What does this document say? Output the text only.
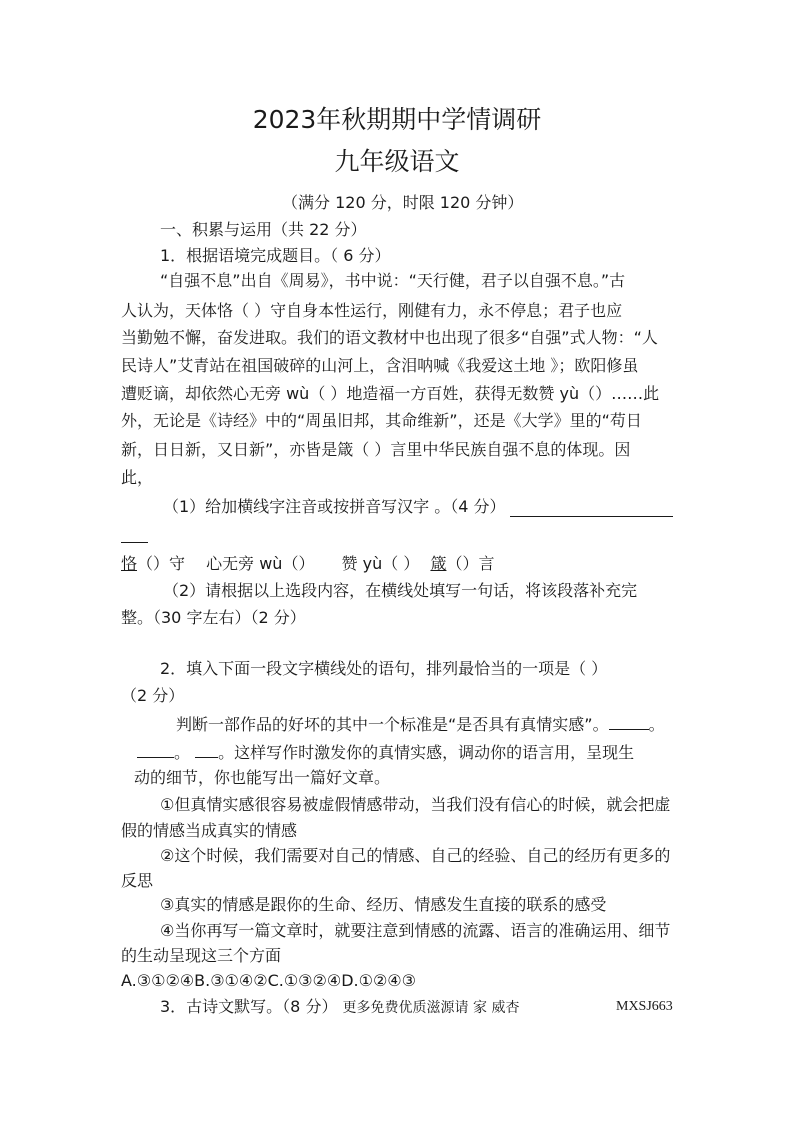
2023年秋期期中学情调研
九年级语文
（满分 120 分，时限 120 分钟）
一、积累与运用（共 22 分）
1．根据语境完成题目。（ 6 分）
“自强不息”出自《周易》，书中说：“天行健，君子以自强不息。”古
人认为，天体恪（ ）守自身本性运行，刚健有力，永不停息；君子也应
当勤勉不懈，奋发进取。我们的语文教材中也出现了很多“自强”式人物：“人
民诗人”艾青站在祖国破碎的山河上，含泪呐喊《我爱这土地 》；欧阳修虽
遭贬谪，却依然心无旁 wù（ ）地造福一方百姓，获得无数赞 yù（）……此
外，无论是《诗经》中的“周虽旧邦，其命维新”，还是《大学》里的“苟日
新，日日新，又日新”，亦皆是箴（ ）言里中华民族自强不息的体现。因
此，
（1）给加横线字注音或按拼音写汉字 。（4 分）
恪（）守 心无旁 wù（） 赞 yù（ ） 箴（）言
（2）请根据以上选段内容，在横线处填写一句话，将该段落补充完
整。（30 字左右）（2 分）
2．填入下面一段文字横线处的语句，排列最恰当的一项是（ ）
（2 分）
判断一部作品的好坏的其中一个标准是“是否具有真情实感”。	。
。 。这样写作时激发你的真情实感，调动你的语言用，呈现生
动的细节，你也能写出一篇好文章。
①但真情实感很容易被虚假情感带动，当我们没有信心的时候，就会把虚
假的情感当成真实的情感
②这个时候，我们需要对自己的情感、自己的经验、自己的经历有更多的
反思
③真实的情感是跟你的生命、经历、情感发生直接的联系的感受
④当你再写一篇文章时，就要注意到情感的流露、语言的准确运用、细节
的生动呈现这三个方面
A.③①②④B.③①④②C.①③②④D.①②④③
3．古诗文默写。（8 分） 更多免费优质滋源请 家 威杏	MXSJ663
